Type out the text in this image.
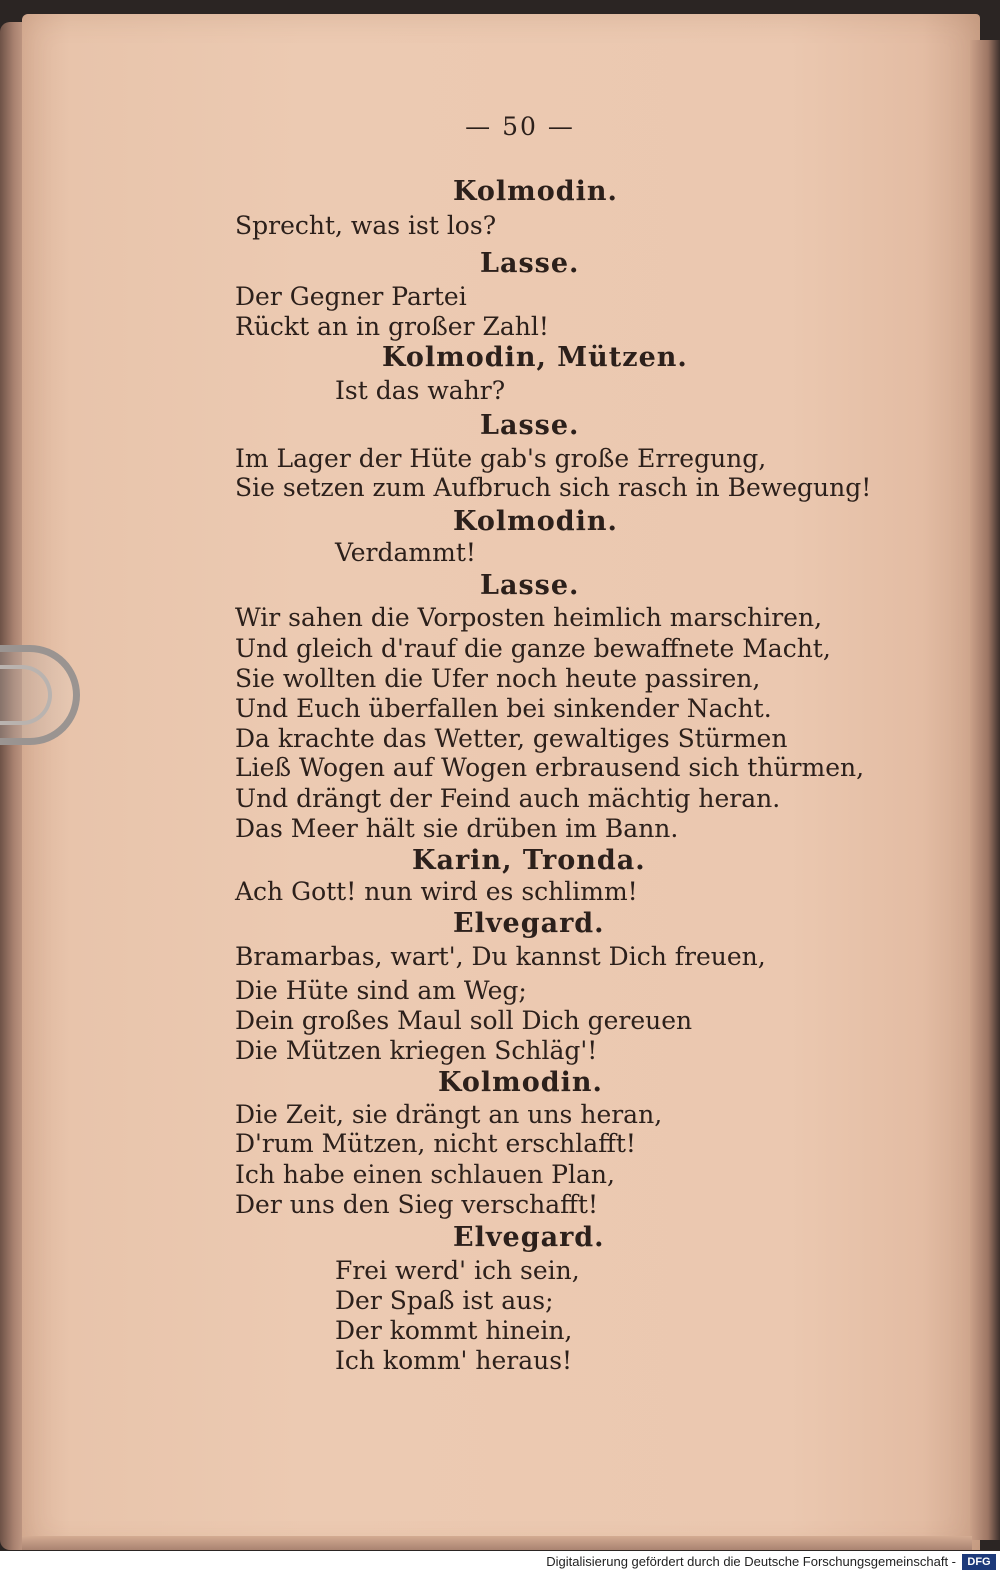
— 50 —
Kolmodin.
Sprecht, was ist los?
Lasse.
Der Gegner Partei
Rückt an in großer Zahl!
Kolmodin, Mützen.
Ist das wahr?
Lasse.
Im Lager der Hüte gab's große Erregung,
Sie setzen zum Aufbruch sich rasch in Bewegung!
Kolmodin.
Verdammt!
Lasse.
Wir sahen die Vorposten heimlich marschiren,
Und gleich d'rauf die ganze bewaffnete Macht,
Sie wollten die Ufer noch heute passiren,
Und Euch überfallen bei sinkender Nacht.
Da krachte das Wetter, gewaltiges Stürmen
Ließ Wogen auf Wogen erbrausend sich thürmen,
Und drängt der Feind auch mächtig heran.
Das Meer hält sie drüben im Bann.
Karin, Tronda.
Ach Gott! nun wird es schlimm!
Elvegard.
Bramarbas, wart', Du kannst Dich freuen,
Die Hüte sind am Weg;
Dein großes Maul soll Dich gereuen
Die Mützen kriegen Schläg'!
Kolmodin.
Die Zeit, sie drängt an uns heran,
D'rum Mützen, nicht erschlafft!
Ich habe einen schlauen Plan,
Der uns den Sieg verschafft!
Elvegard.
Frei werd' ich sein,
Der Spaß ist aus;
Der kommt hinein,
Ich komm' heraus!
Digitalisierung gefördert durch die Deutsche Forschungsgemeinschaft -	DFG
